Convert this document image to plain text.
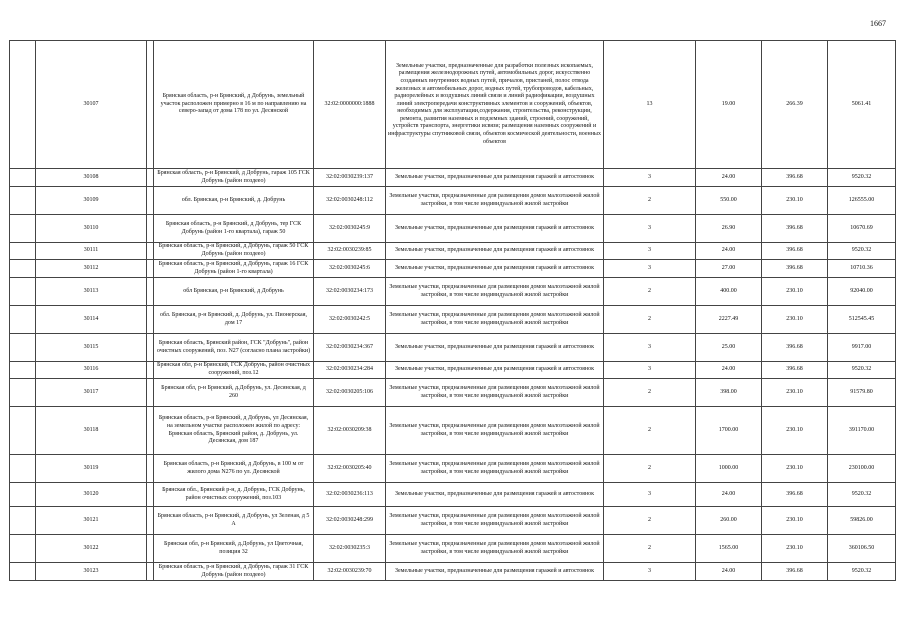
1667
	30107		Брянская область, р-н Брянский, д Добрунь, земельный участок расположен примерно в 16 м по направлению на северо-запад от дома 178 по ул. Десянской	32:02:0000000:1888	Земельные участки, предназначенные для разработки полезных ископаемых, размещения железнодорожных путей, автомобильных дорог, искусственно созданных внутренних водных путей, причалов, пристаней, полос отвода железных и автомобильных дорог, водных путей, трубопроводов, кабельных, радиорелейных и воздушных линий связи и линий радиофикации, воздушных линий электропередачи конструктивных элементов и сооружений, объектов, необходимых для эксплуатации,содержания, строительства, реконструкции, ремонта, развития наземных и подземных зданий, строений, сооружений, устройств транспорта, энергетики исвязи; размещения наземных сооружений и инфраструктуры спутниковой связи, объектов космической деятельности, военных объектов	13	19.00	266.39	5061.41
	30108		Брянская область, р-н Брянский, д Добрунь, гараж 105 ГСК Добрунь (район поздеео)	32:02:0030239:137	Земельные участки, предназначенные для размещения гаражей и автостоянок	3	24.00	396.68	9520.32
	30109		обл. Брянская, р-н Брянский, д. Добрунь	32:02:0030248:112	Земельные участки, предназначенные для размещения домов малоэтажной жилой застройки, в том числе индивидуальной жилой застройки	2	550.00	230.10	126555.00
	30110		Брянская область, р-н Брянский, д Добрунь, тер ГСК Добрунь (район 1-го квартала), гараж 50	32:02:0030245:9	Земельные участки, предназначенные для размещения гаражей и автостоянок	3	26.90	396.68	10670.69
	30111		Брянская область, р-н Брянский, д Добрунь, гараж 50 ГСК Добрунь (район поздеео)	32:02:0030239:85	Земельные участки, предназначенные для размещения гаражей и автостоянок	3	24.00	396.68	9520.32
	30112		Брянская область, р-н Брянский, д Добрунь, гараж 16 ГСК Добрунь (район 1-го квартала)	32:02:0030245:6	Земельные участки, предназначенные для размещения гаражей и автостоянок	3	27.00	396.68	10710.36
	30113		обл Брянская, р-н Брянский, д Добрунь	32:02:0030234:173	Земельные участки, предназначенные для размещения домов малоэтажной жилой застройки, в том числе индивидуальной жилой застройки	2	400.00	230.10	92040.00
	30114		обл. Брянская, р-н Брянский, д. Добрунь, ул. Пионерская, дом 17	32:02:0030242:5	Земельные участки, предназначенные для размещения домов малоэтажной жилой застройки, в том числе индивидуальной жилой застройки	2	2227.49	230.10	512545.45
	30115		Брянская область, Брянский район, ГСК "Добрунь", район очистных сооружений, поз. N27 (согласно плана застройки)	32:02:0030234:367	Земельные участки, предназначенные для размещения гаражей и автостоянок	3	25.00	396.68	9917.00
	30116		Брянская обл, р-н Брянский, ГСК Добрунь, район очистных сооружений, поз.12	32:02:0030234:284	Земельные участки, предназначенные для размещения гаражей и автостоянок	3	24.00	396.68	9520.32
	30117		Брянская обл, р-н Брянский, д.Добрунь, ул. Десянская, д 260	32:02:0030205:106	Земельные участки, предназначенные для размещения домов малоэтажной жилой застройки, в том числе индивидуальной жилой застройки	2	398.00	230.10	91579.80
	30118		Брянская область, р-н Брянский, д Добрунь, ул Десянская, на земельном участке расположен жилой по адресу: Брянская область, Брянский район, д. Добрунь, ул. Десянская, дом 187	32:02:0030209:38	Земельные участки, предназначенные для размещения домов малоэтажной жилой застройки, в том числе индивидуальной жилой застройки	2	1700.00	230.10	391170.00
	30119		Брянская область, р-н Брянский, д Добрунь, в 100 м от жилого дома N276 по ул. Десянской	32:02:0030205:40	Земельные участки, предназначенные для размещения домов малоэтажной жилой застройки, в том числе индивидуальной жилой застройки	2	1000.00	230.10	230100.00
	30120		Брянская обл., Брянский р-н, д. Добрунь, ГСК Добрунь, район очистных сооружений, поз.103	32:02:0030236:113	Земельные участки, предназначенные для размещения гаражей и автостоянок	3	24.00	396.68	9520.32
	30121		Брянская область, р-н Брянский, д Добрунь, ул Зеленая, д 5 А	32:02:0030248:299	Земельные участки, предназначенные для размещения домов малоэтажной жилой застройки, в том числе индивидуальной жилой застройки	2	260.00	230.10	59826.00
	30122		Брянская обл, р-н Брянский, д.Добрунь, ул Цветочная, позиция 32	32:02:0030235:3	Земельные участки, предназначенные для размещения домов малоэтажной жилой застройки, в том числе индивидуальной жилой застройки	2	1565.00	230.10	360106.50
	30123		Брянская область, р-н Брянский, д Добрунь, гараж 31 ГСК Добрунь (район поздеео)	32:02:0030239:70	Земельные участки, предназначенные для размещения гаражей и автостоянок	3	24.00	396.68	9520.32
